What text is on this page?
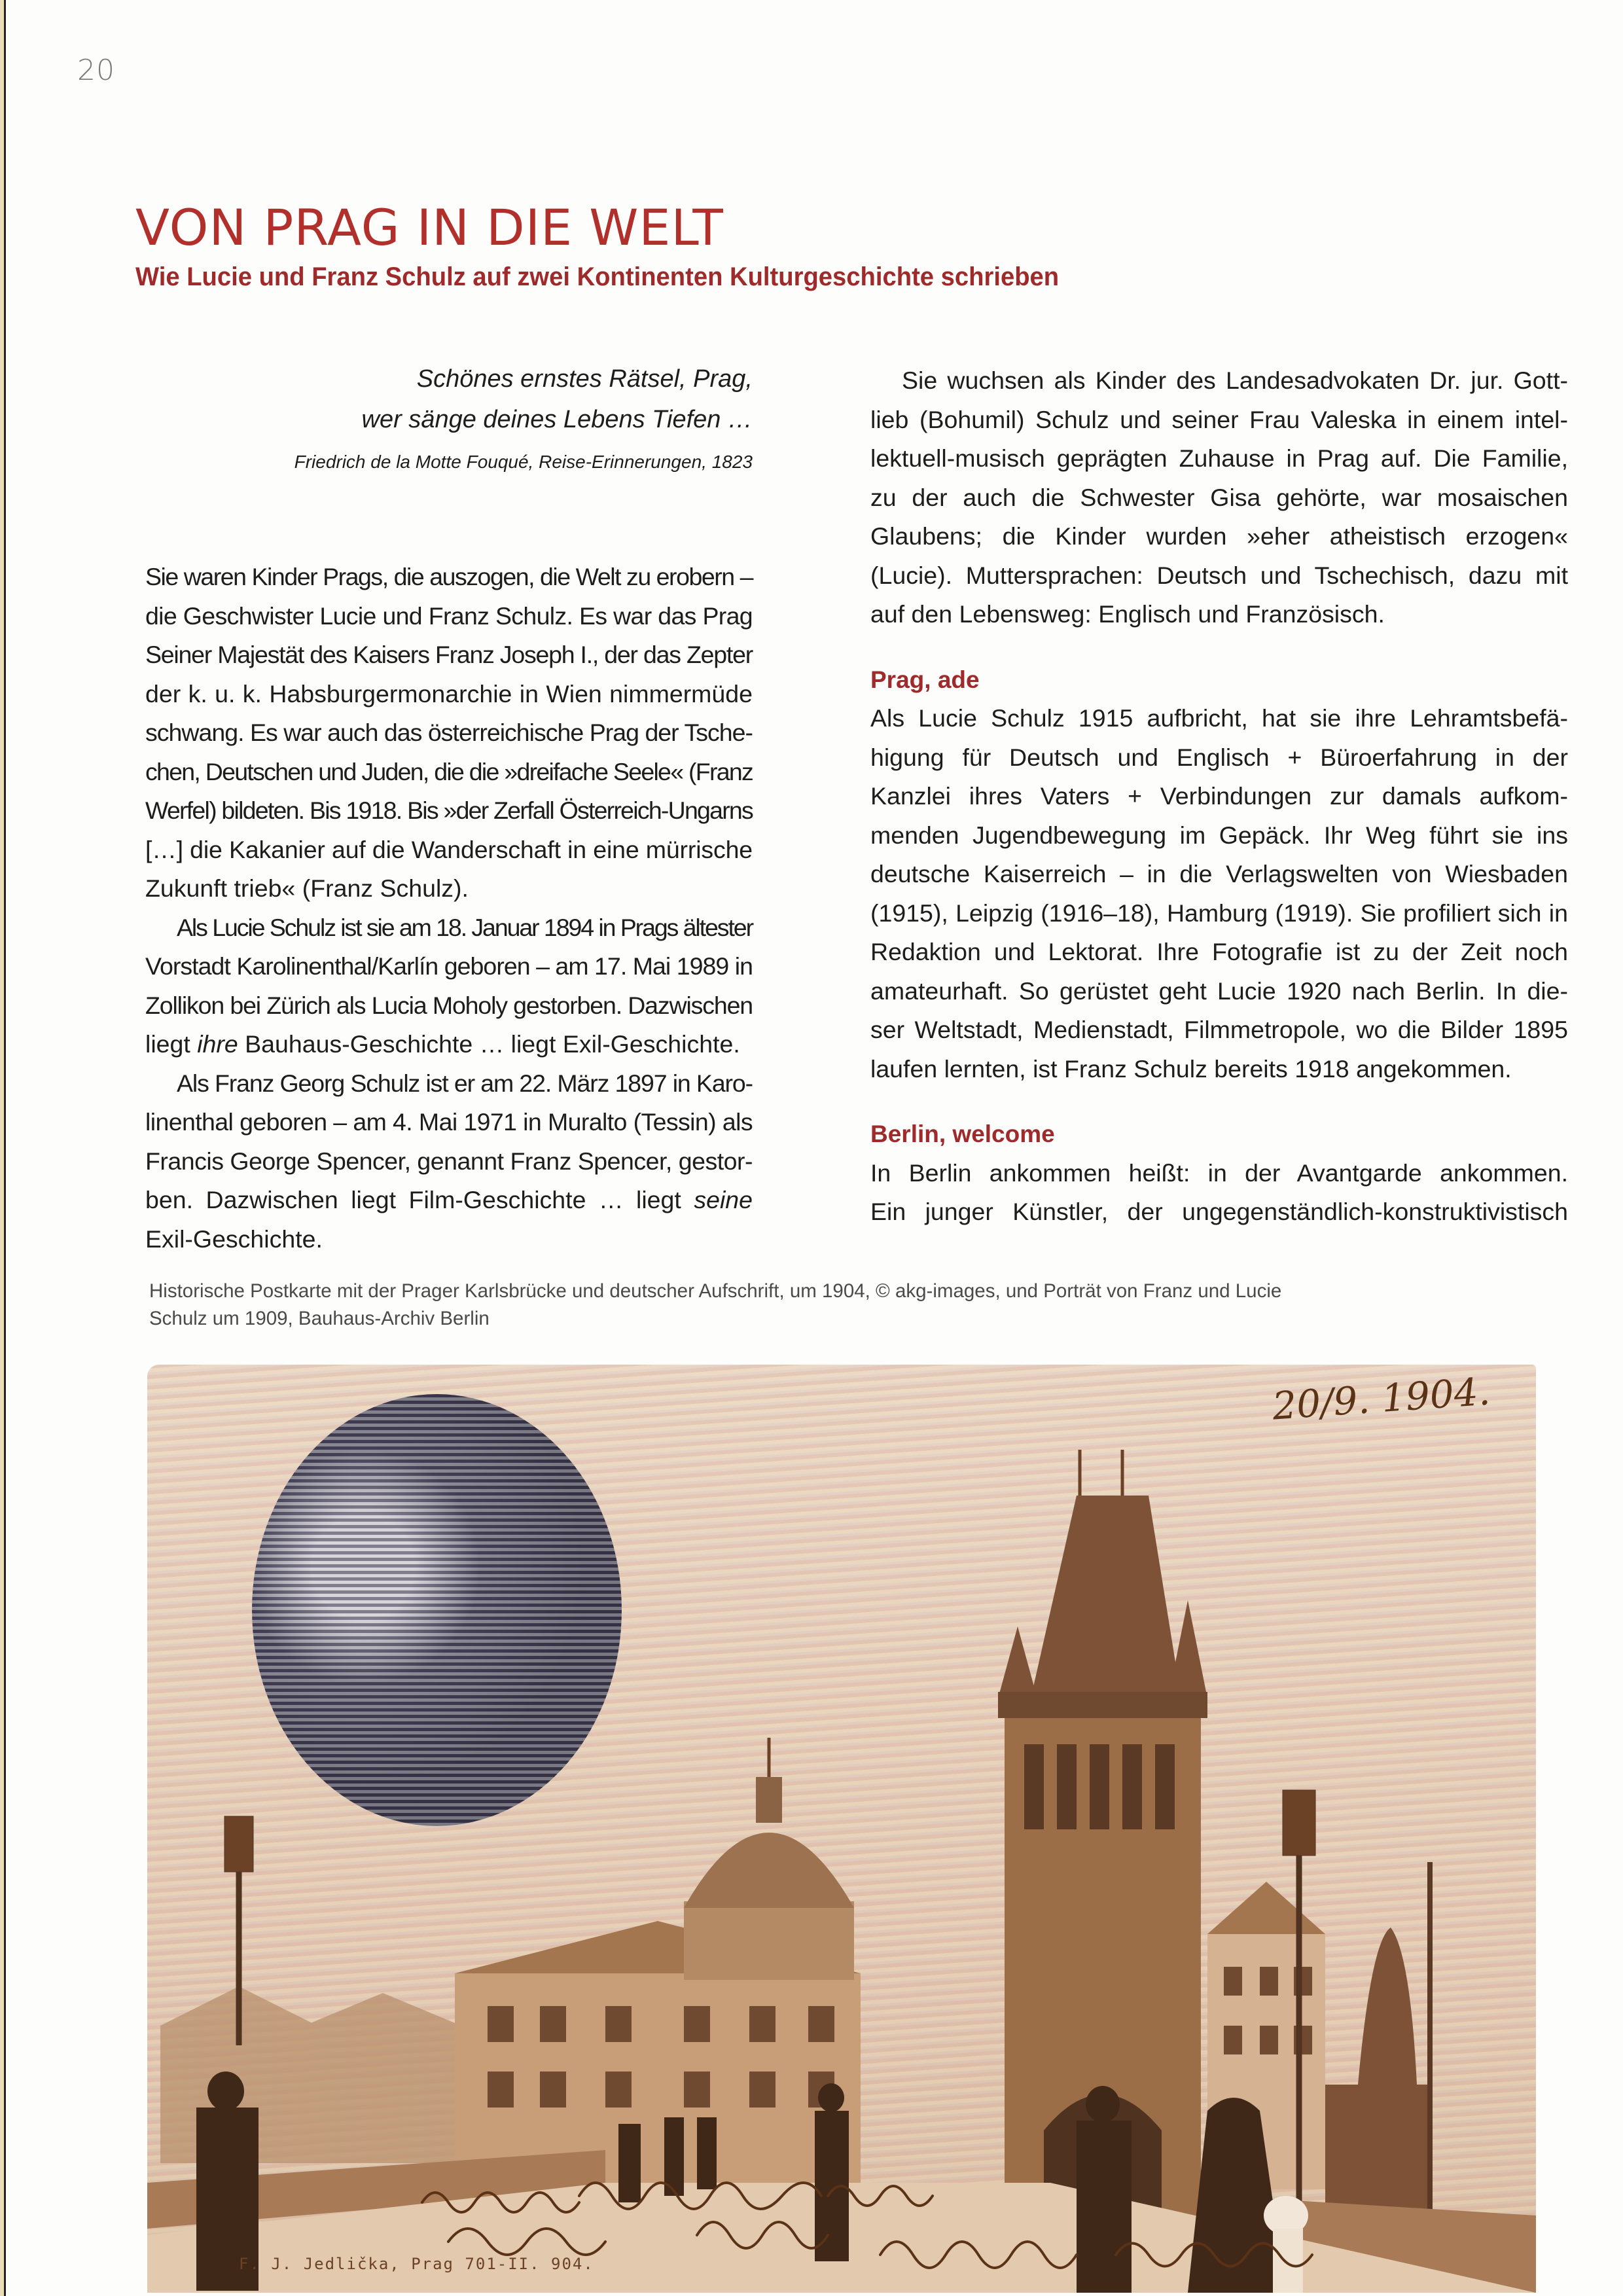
20
VON PRAG IN DIE WELT
Wie Lucie und Franz Schulz auf zwei Kontinenten Kulturgeschichte schrieben
Schönes ernstes Rätsel, Prag,
wer sänge deines Lebens Tiefen …
Friedrich de la Motte Fouqué, Reise-Erinnerungen, 1823

Sie waren Kinder Prags, die auszogen, die Welt zu erobern –
die Geschwister Lucie und Franz Schulz. Es war das Prag
Seiner Majestät des Kaisers Franz Joseph I., der das Zepter
der k. u. k. Habsburgermonarchie in Wien nimmermüde
schwang. Es war auch das österreichische Prag der Tsche-
chen, Deutschen und Juden, die die »dreifache Seele« (Franz
Werfel) bildeten. Bis 1918. Bis »der Zerfall Österreich-Ungarns
[…] die Kakanier auf die Wanderschaft in eine mürrische
Zukunft trieb« (Franz Schulz).

Als Lucie Schulz ist sie am 18. Januar 1894 in Prags ältester
Vorstadt Karolinenthal/Karlín geboren – am 17. Mai 1989 in
Zollikon bei Zürich als Lucia Moholy gestorben. Dazwischen
liegt ihre Bauhaus-Geschichte … liegt Exil-Geschichte.

Als Franz Georg Schulz ist er am 22. März 1897 in Karo-
linenthal geboren – am 4. Mai 1971 in Muralto (Tessin) als
Francis George Spencer, genannt Franz Spencer, gestor-
ben. Dazwischen liegt Film-Geschichte … liegt seine
Exil-Geschichte.

Sie wuchsen als Kinder des Landesadvokaten Dr. jur. Gott-
lieb (Bohumil) Schulz und seiner Frau Valeska in einem intel-
lektuell-musisch geprägten Zuhause in Prag auf. Die Familie,
zu der auch die Schwester Gisa gehörte, war mosaischen
Glaubens; die Kinder wurden »eher atheistisch erzogen«
(Lucie). Muttersprachen: Deutsch und Tschechisch, dazu mit
auf den Lebensweg: Englisch und Französisch.

Prag, ade

Als Lucie Schulz 1915 aufbricht, hat sie ihre Lehramtsbefä-
higung für Deutsch und Englisch + Büroerfahrung in der
Kanzlei ihres Vaters + Verbindungen zur damals aufkom-
menden Jugendbewegung im Gepäck. Ihr Weg führt sie ins
deutsche Kaiserreich – in die Verlagswelten von Wiesbaden
(1915), Leipzig (1916–18), Hamburg (1919). Sie profiliert sich in
Redaktion und Lektorat. Ihre Fotografie ist zu der Zeit noch
amateurhaft. So gerüstet geht Lucie 1920 nach Berlin. In die-
ser Weltstadt, Medienstadt, Filmmetropole, wo die Bilder 1895
laufen lernten, ist Franz Schulz bereits 1918 angekommen.

Berlin, welcome

In Berlin ankommen heißt: in der Avantgarde ankommen.
Ein junger Künstler, der ungegenständlich-konstruktivistisch

Historische Postkarte mit der Prager Karlsbrücke und deutscher Aufschrift, um 1904, © akg-images, und Porträt von Franz und Lucie
Schulz um 1909, Bauhaus-Archiv Berlin
20/9. 1904.
F. J. Jedlička, Prag 701-II. 904.
